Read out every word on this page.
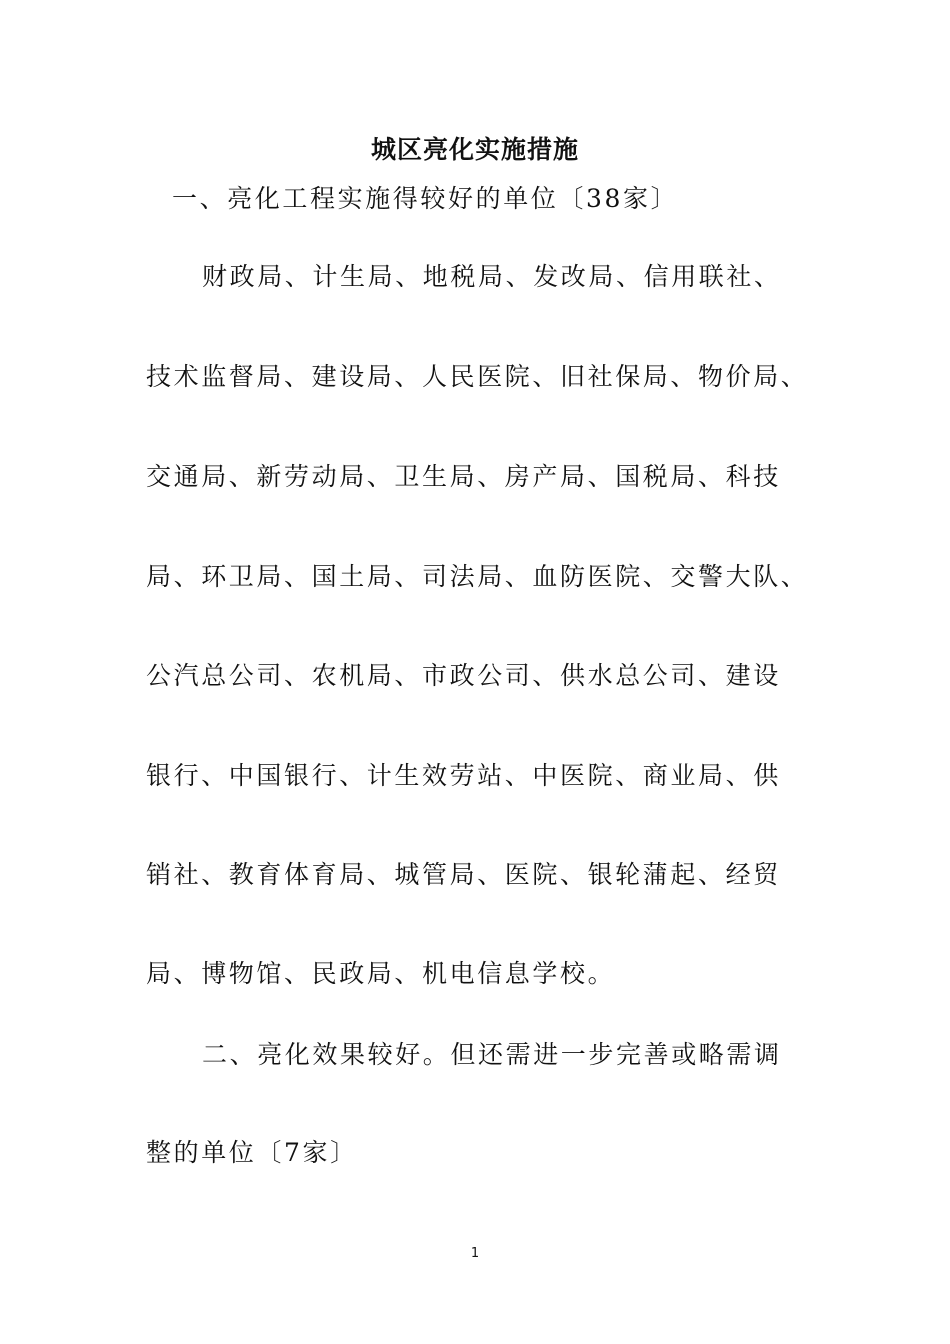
城区亮化实施措施
一、亮化工程实施得较好的单位〔38家〕
财政局、计生局、地税局、发改局、信用联社、
技术监督局、建设局、人民医院、旧社保局、物价局、
交通局、新劳动局、卫生局、房产局、国税局、科技
局、环卫局、国土局、司法局、血防医院、交警大队、
公汽总公司、农机局、市政公司、供水总公司、建设
银行、中国银行、计生效劳站、中医院、商业局、供
销社、教育体育局、城管局、医院、银轮蒲起、经贸
局、博物馆、民政局、机电信息学校。
二、亮化效果较好。但还需进一步完善或略需调
整的单位〔7家〕
1
